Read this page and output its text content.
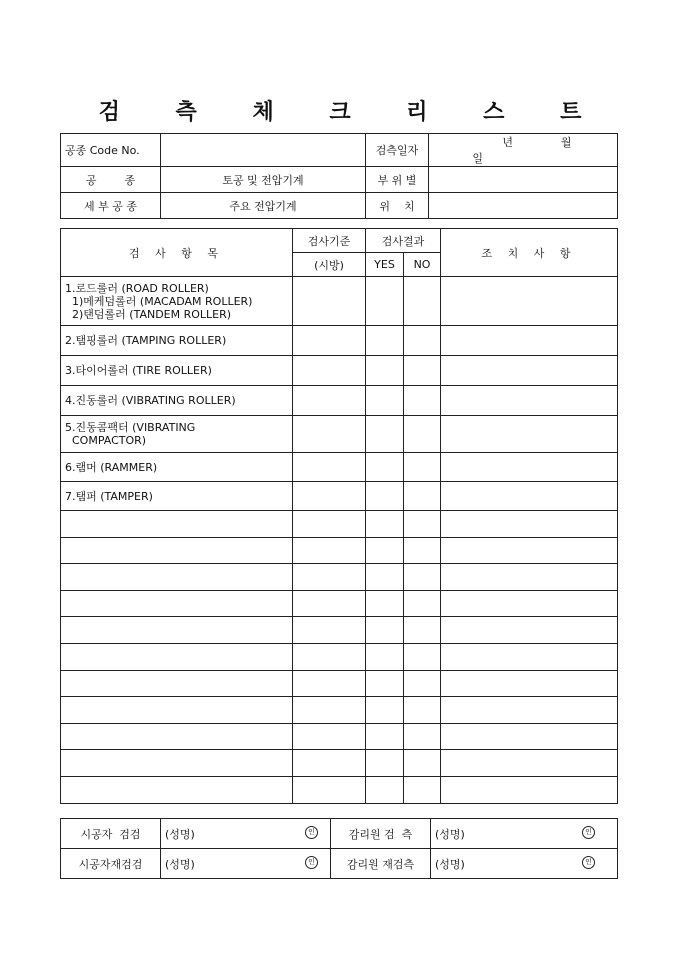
검 측 체 크 리 스 트
공종 Code No.		검측일자	년 월 일
공        종	토공 및 전압기계	부 위 별	
세 부 공 종	주요 전압기계	위    치	
검 사 항 목	검사기준	검사결과		조 치 사 항
	(시방)	YES	NO	

1.로드롤러 (ROAD ROLLER)
1)메케덤롤러 (MACADAM ROLLER)
2)탠덤롤러 (TANDEM ROLLER)				

2.탬핑롤러 (TAMPING ROLLER)				

3.타이어롤러 (TIRE ROLLER)				

4.진동롤러 (VIBRATING ROLLER)				

5.진동콤팩터 (VIBRATING
COMPACTOR)				

6.램머 (RAMMER)				

7.탬퍼 (TAMPER)				

시공자  검검	(성명) 인	감리원 검  측	(성명) 인

시공자재검검	(성명) 인	감리원 재검측	(성명) 인
